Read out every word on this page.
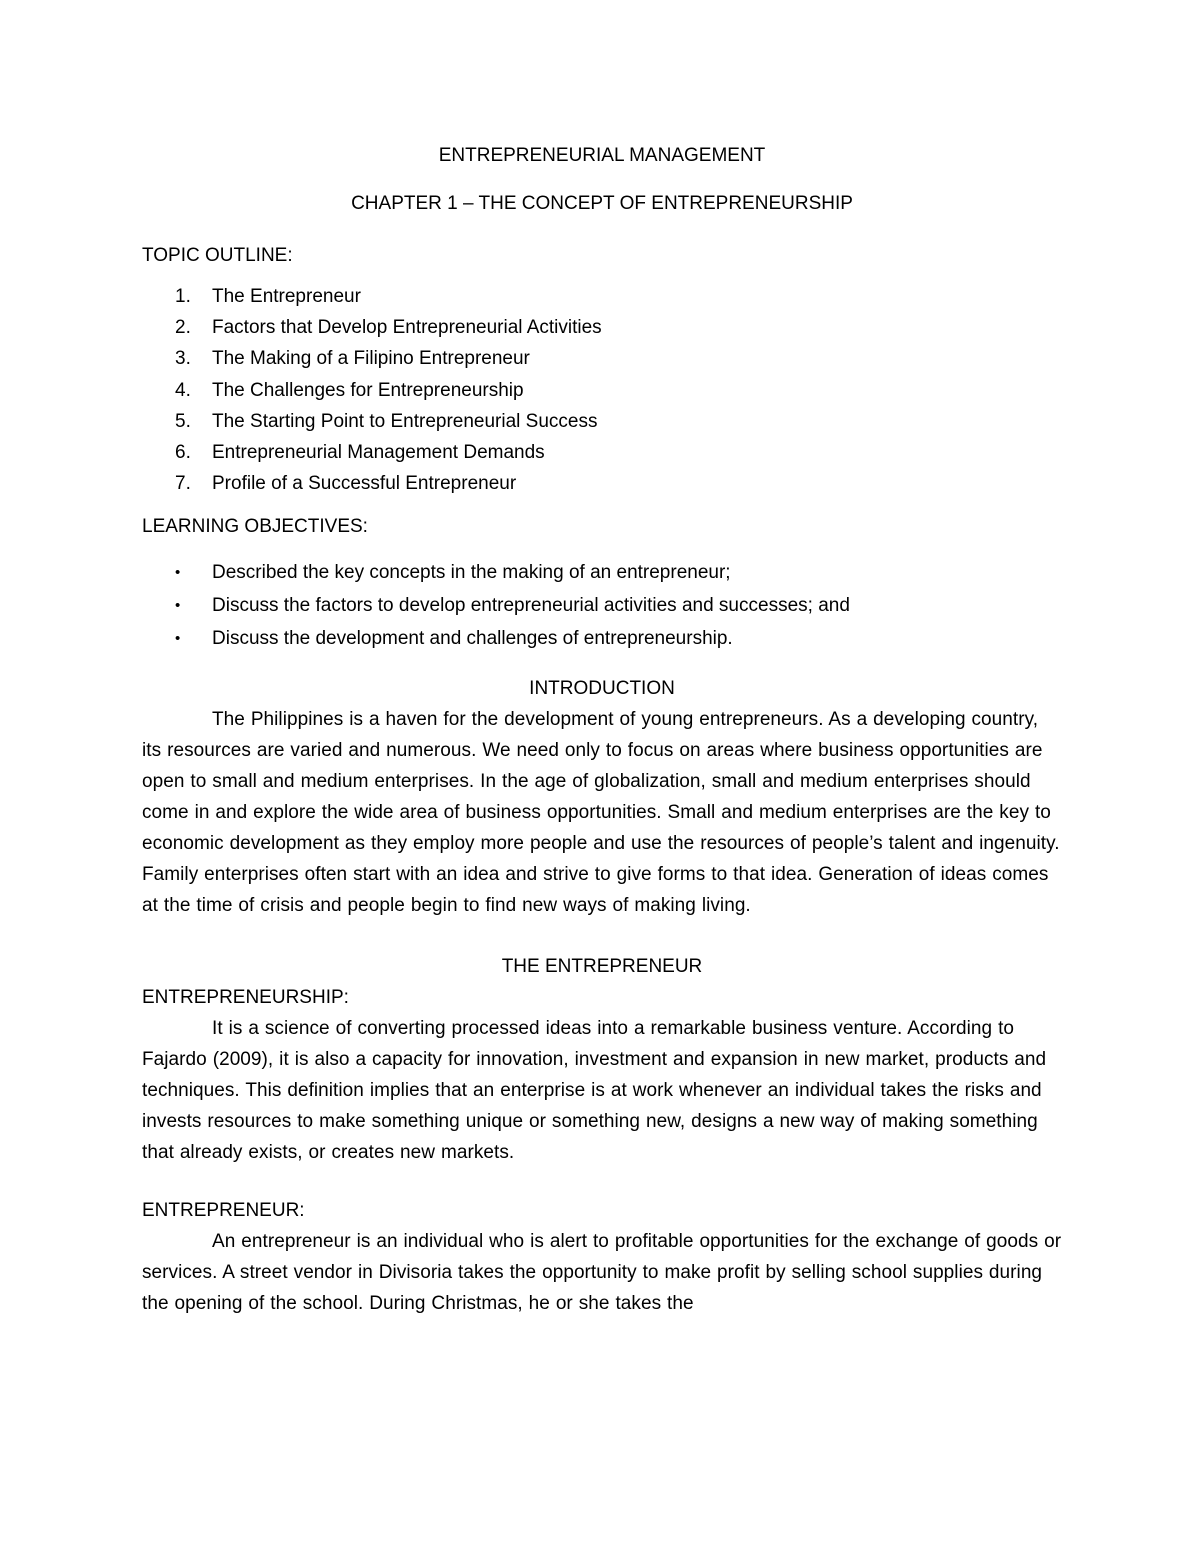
ENTREPRENEURIAL MANAGEMENT

CHAPTER 1 – THE CONCEPT OF ENTREPRENEURSHIP

TOPIC OUTLINE:

1. The Entrepreneur
2. Factors that Develop Entrepreneurial Activities
3. The Making of a Filipino Entrepreneur
4. The Challenges for Entrepreneurship
5. The Starting Point to Entrepreneurial Success
6. Entrepreneurial Management Demands
7. Profile of a Successful Entrepreneur

LEARNING OBJECTIVES:

• Described the key concepts in the making of an entrepreneur;
• Discuss the factors to develop entrepreneurial activities and successes; and
• Discuss the development and challenges of entrepreneurship.

INTRODUCTION

The Philippines is a haven for the development of young entrepreneurs. As a developing country, its resources are varied and numerous. We need only to focus on areas where business opportunities are open to small and medium enterprises. In the age of globalization, small and medium enterprises should come in and explore the wide area of business opportunities. Small and medium enterprises are the key to economic development as they employ more people and use the resources of people’s talent and ingenuity. Family enterprises often start with an idea and strive to give forms to that idea. Generation of ideas comes at the time of crisis and people begin to find new ways of making living.

THE ENTREPRENEUR

ENTREPRENEURSHIP:

It is a science of converting processed ideas into a remarkable business venture. According to Fajardo (2009), it is also a capacity for innovation, investment and expansion in new market, products and techniques. This definition implies that an enterprise is at work whenever an individual takes the risks and invests resources to make something unique or something new, designs a new way of making something that already exists, or creates new markets.

ENTREPRENEUR:

An entrepreneur is an individual who is alert to profitable opportunities for the exchange of goods or services. A street vendor in Divisoria takes the opportunity to make profit by selling school supplies during the opening of the school. During Christmas, he or she takes the
